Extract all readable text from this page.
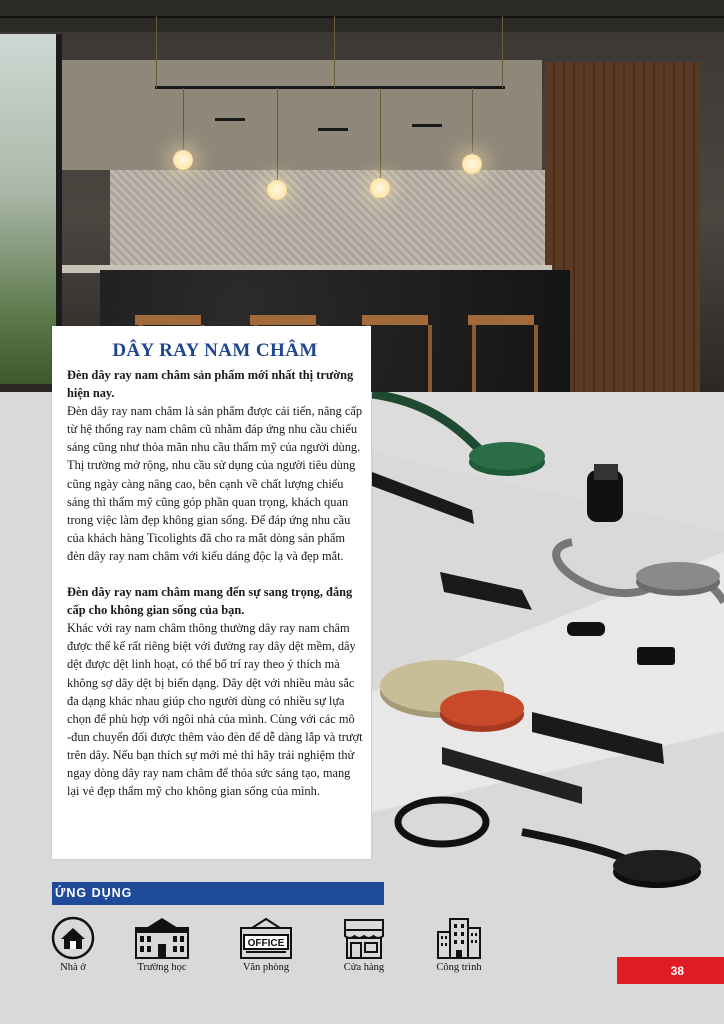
DÂY RAY NAM CHÂM

Đèn dây ray nam châm sản phẩm mới nhất thị trường hiện nay.

Đèn dây ray nam châm là sản phẩm được cải tiến, nâng cấp từ hệ thống ray nam châm cũ nhằm đáp ứng nhu cầu chiếu sáng cũng như thỏa mãn nhu cầu thẩm mỹ của người dùng. Thị trường mở rộng, nhu cầu sử dụng của người tiêu dùng cũng ngày càng nâng cao, bên cạnh về chất lượng chiếu sáng thì thẩm mỹ cũng góp phần quan trọng, khách quan trong việc làm đẹp không gian sống. Để đáp ứng nhu cầu của khách hàng Ticolights đã cho ra mắt dòng sản phẩm đèn dây ray nam châm với kiểu dáng độc lạ và đẹp mắt.

Đèn dây ray nam châm mang đến sự sang trọng, đẳng cấp cho không gian sống của bạn.

Khác với ray nam châm thông thường dây ray nam châm được thế kế rất riêng biệt với đường ray dây dệt mềm, dây dệt được dệt linh hoạt, có thể bố trí ray theo ý thích mà không sợ dây dệt bị biến dạng. Dây dệt với nhiều màu sắc đa dạng khác nhau giúp cho người dùng có nhiều sự lựa chọn để phù hợp với ngôi nhà của mình. Cùng với các mô -đun chuyển đổi được thêm vào đèn để dễ dàng lắp và trượt trên dây. Nếu bạn thích sự mới mẻ thì hãy trải nghiệm thử ngay dòng dây ray nam châm để thỏa sức sáng tạo, mang lại vẻ đẹp thẩm mỹ cho không gian sống của mình.

ỨNG DỤNG
Nhà ở	Trường học
OFFICE
Văn phòng	Cửa hàng	Công trình	38
